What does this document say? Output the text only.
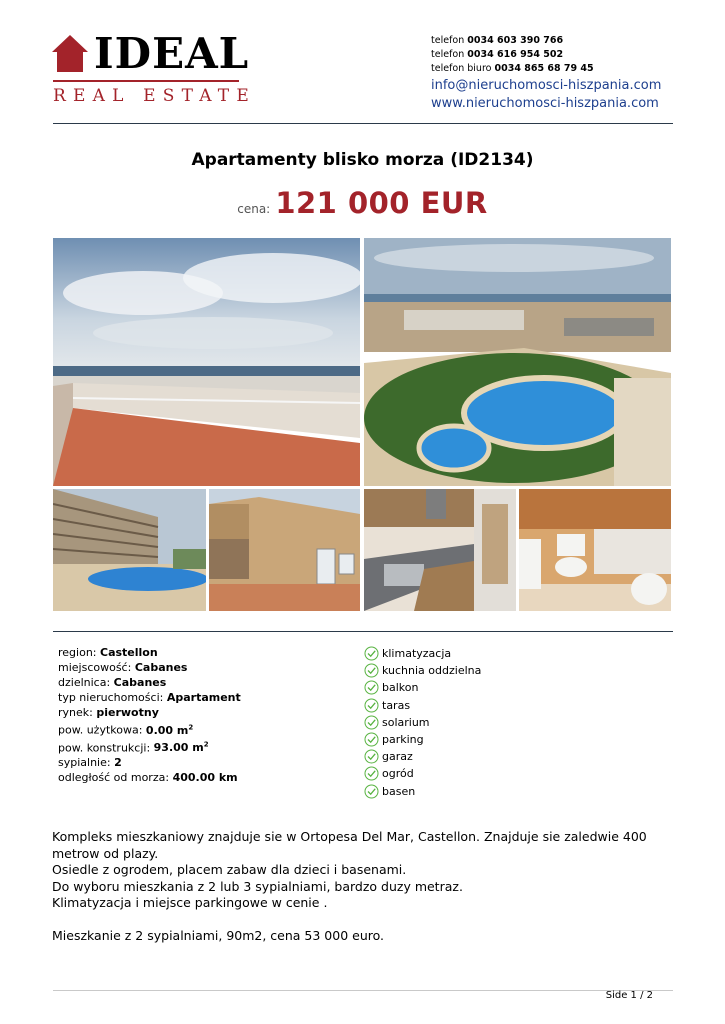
IDEAL
REAL ESTATE
telefon 0034 603 390 766
telefon 0034 616 954 502
telefon biuro 0034 865 68 79 45
info@nieruchomosci-hiszpania.com
www.nieruchomosci-hiszpania.com
Apartamenty blisko morza (ID2134)
cena: 121 000 EUR
region: Castellon
miejscowość: Cabanes
dzielnica: Cabanes
typ nieruchomości: Apartament
rynek: pierwotny
pow. użytkowa: 0.00 $m^2$
pow. konstrukcji: 93.00 $m^2$
sypialnie: 2
odległość od morza: 400.00 km
klimatyzacja
kuchnia oddzielna
balkon
taras
solarium
parking
garaz
ogród
basen

Kompleks mieszkaniowy znajduje sie w Ortopesa Del Mar, Castellon. Znajduje sie zaledwie 400 metrow od plazy.

Osiedle z ogrodem, placem zabaw dla dzieci i basenami.

Do wyboru mieszkania z 2 lub 3 sypialniami, bardzo duzy metraz.

Klimatyzacja i miejsce parkingowe w cenie .

Mieszkanie z 2 sypialniami, 90m2, cena 53 000 euro.

Side 1 / 2
